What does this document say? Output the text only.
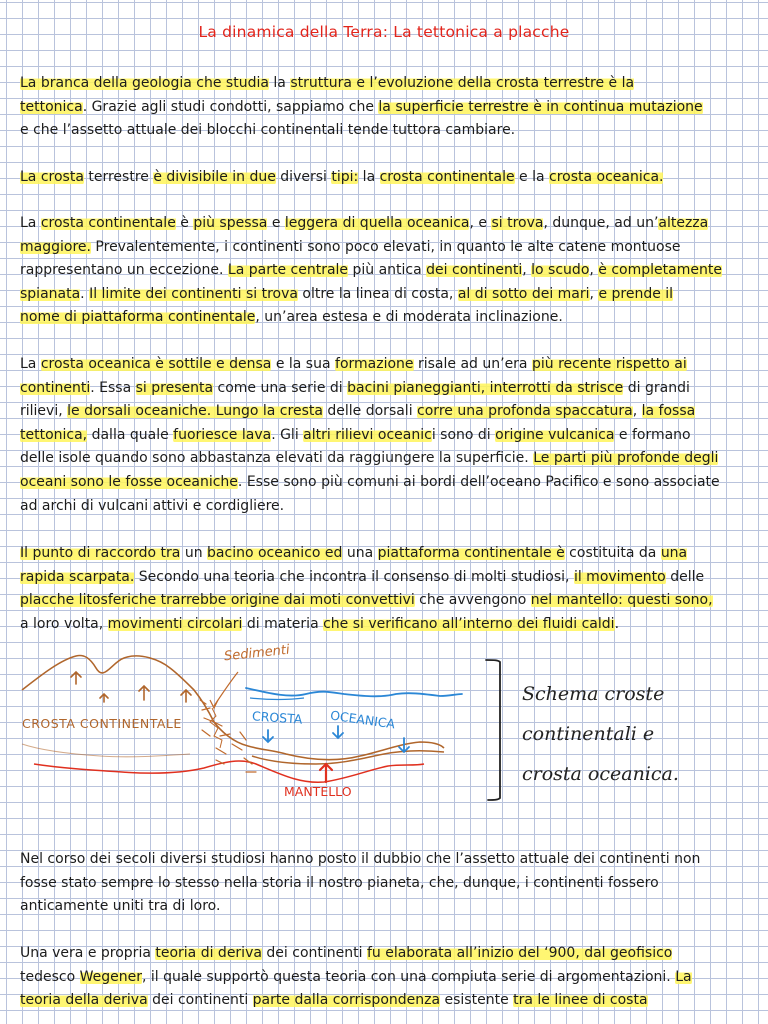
La dinamica della Terra: La tettonica a placche
La branca della geologia che studia la struttura e l’evoluzione della crosta terrestre è la
tettonica. Grazie agli studi condotti, sappiamo che la superficie terrestre è in continua mutazione
e che l’assetto attuale dei blocchi continentali tende tuttora cambiare.
La crosta terrestre è divisibile in due diversi tipi: la crosta continentale e la crosta oceanica.
La crosta continentale è più spessa e leggera di quella oceanica, e si trova, dunque, ad un’altezza
maggiore. Prevalentemente, i continenti sono poco elevati, in quanto le alte catene montuose
rappresentano un eccezione. La parte centrale più antica dei continenti, lo scudo, è completamente
spianata. Il limite dei continenti si trova oltre la linea di costa, al di sotto dei mari, e prende il
nome di piattaforma continentale, un’area estesa e di moderata inclinazione.
La crosta oceanica è sottile e densa e la sua formazione risale ad un’era più recente rispetto ai
continenti. Essa si presenta come una serie di bacini pianeggianti, interrotti da strisce di grandi
rilievi, le dorsali oceaniche. Lungo la cresta delle dorsali corre una profonda spaccatura, la fossa
tettonica, dalla quale fuoriesce lava. Gli altri rilievi oceanici sono di origine vulcanica e formano
delle isole quando sono abbastanza elevati da raggiungere la superficie. Le parti più profonde degli
oceani sono le fosse oceaniche. Esse sono più comuni ai bordi dell’oceano Pacifico e sono associate
ad archi di vulcani attivi e cordigliere.
Il punto di raccordo tra un bacino oceanico ed una piattaforma continentale è costituita da una
rapida scarpata. Secondo una teoria che incontra il consenso di molti studiosi, il movimento delle
placche litosferiche trarrebbe origine dai moti convettivi che avvengono nel mantello: questi sono,
a loro volta, movimenti circolari di materia che si verificano all’interno dei fluidi caldi.
Nel corso dei secoli diversi studiosi hanno posto il dubbio che l’assetto attuale dei continenti non
fosse stato sempre lo stesso nella storia il nostro pianeta, che, dunque, i continenti fossero
anticamente uniti tra di loro.
Una vera e propria teoria di deriva dei continenti fu elaborata all’inizio del ‘900, dal geofisico
tedesco Wegener, il quale supportò questa teoria con una compiuta serie di argomentazioni. La
teoria della deriva dei continenti parte dalla corrispondenza esistente tra le linee di costa
Sedimenti
CROSTA CONTINENTALE	CROSTA OCEANICA
MANTELLO
Schema croste
continentali e
crosta oceanica.
